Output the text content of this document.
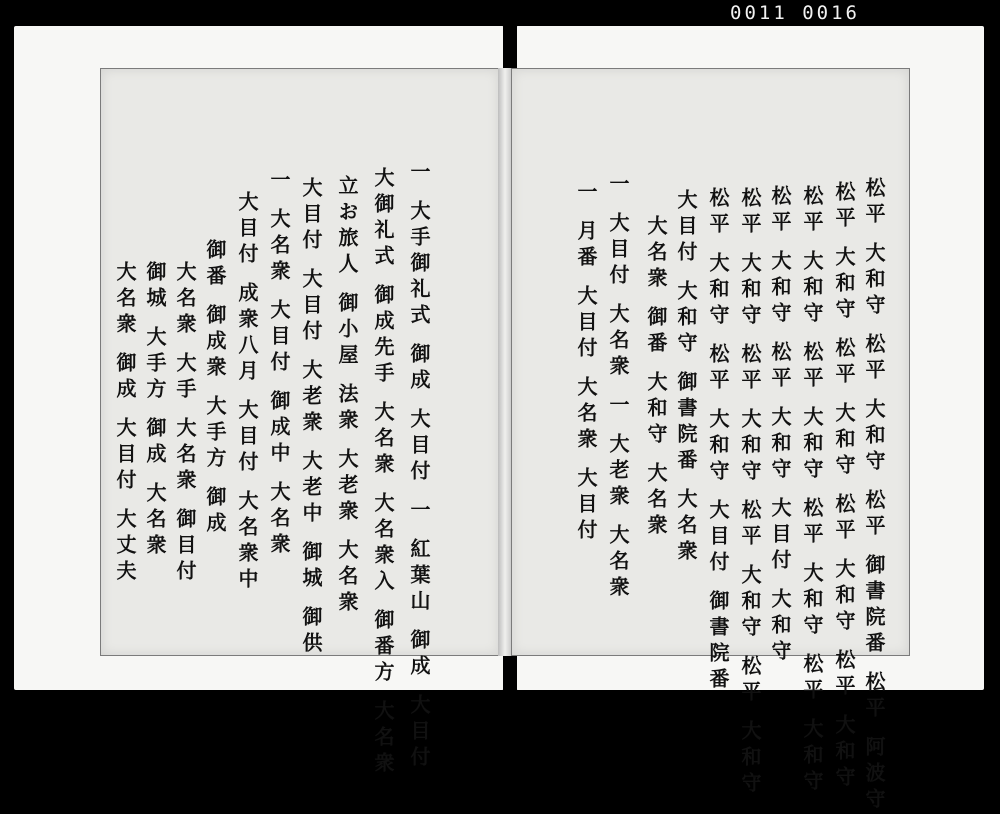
0011 0016
一 大手御礼式 御成 大目付 一 紅葉山 御成 大目付
大御礼式 御成先手 大名衆 大名衆入 御番方 大名衆
立お旅人 御小屋 法衆 大老衆 大名衆
大目付 大目付 大老衆 大老中 御城 御供
一 大名衆 大目付 御成中 大名衆
大目付 成衆八月 大目付 大名衆中
御番 御成衆 大手方 御成
大名衆 大手 大名衆 御目付
御城 大手方 御成 大名衆
大名衆 御成 大目付 大丈夫	松平 大和守 松平 大和守 松平 御書院番 松平 阿波守
松平 大和守 松平 大和守 松平 大和守 松平 大和守
松平 大和守 松平 大和守 松平 大和守 松平 大和守
松平 大和守 松平 大和守 大目付 大和守
松平 大和守 松平 大和守 松平 大和守 松平 大和守
松平 大和守 松平 大和守 大目付 御書院番
大目付 大和守 御書院番 大名衆
大名衆 御番 大和守 大名衆
一 大目付 大名衆 一 大老衆 大名衆
一 月番 大目付 大名衆 大目付
